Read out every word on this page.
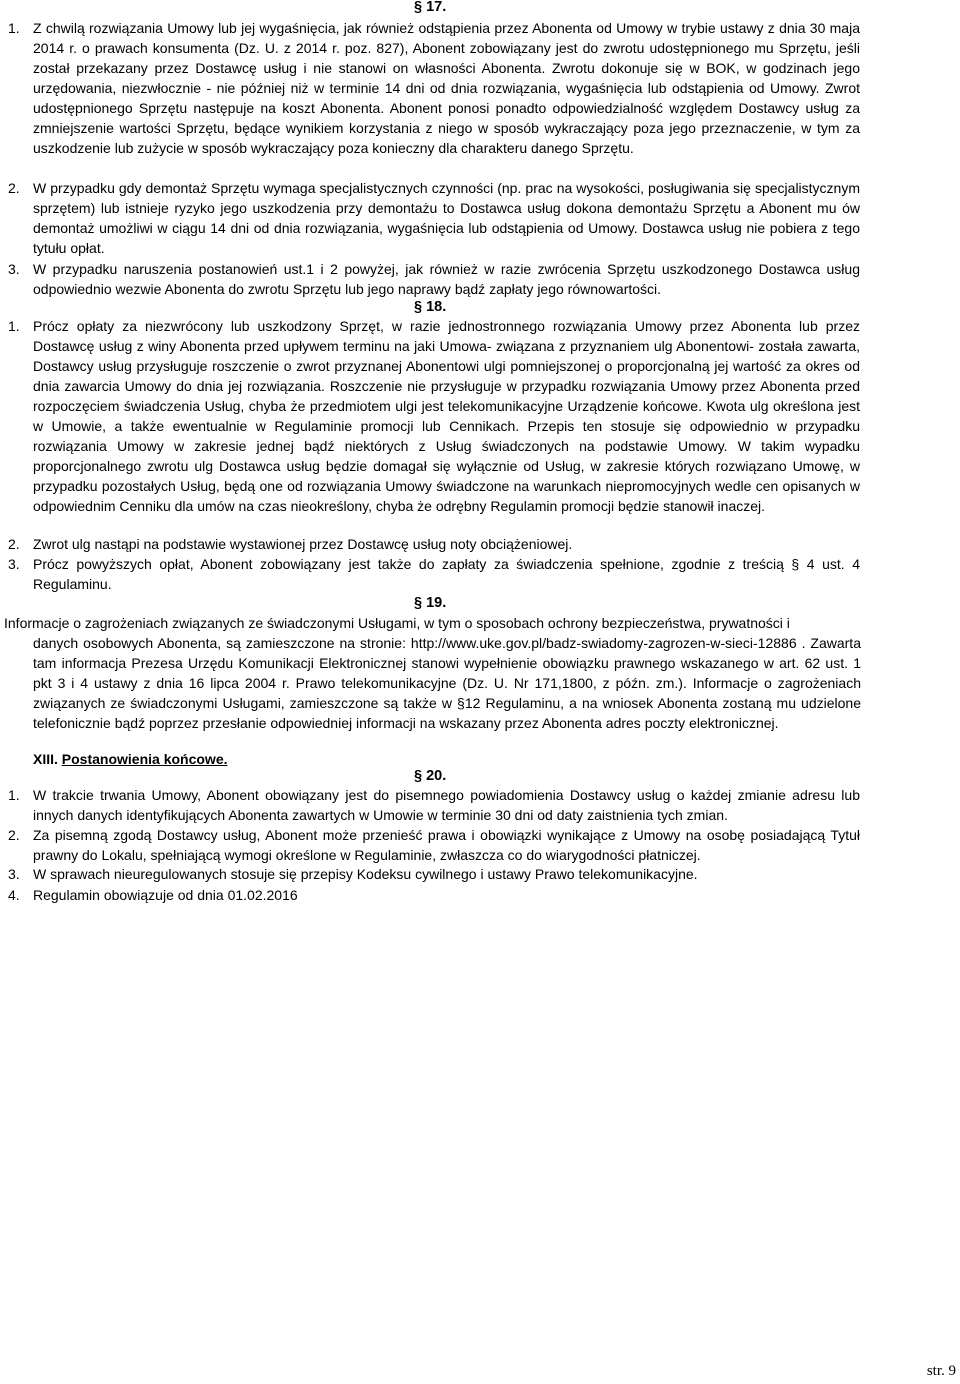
§ 17.
1. Z chwilą rozwiązania Umowy lub jej wygaśnięcia, jak również odstąpienia przez Abonenta od Umowy w trybie ustawy z dnia 30 maja 2014 r. o prawach konsumenta (Dz. U. z 2014 r. poz. 827), Abonent zobowiązany jest do zwrotu udostępnionego mu Sprzętu, jeśli został przekazany przez Dostawcę usług i nie stanowi on własności Abonenta. Zwrotu dokonuje się w BOK, w godzinach jego urzędowania, niezwłocznie - nie później niż w terminie 14 dni od dnia rozwiązania, wygaśnięcia lub odstąpienia od Umowy. Zwrot udostępnionego Sprzętu następuje na koszt Abonenta. Abonent ponosi ponadto odpowiedzialność względem Dostawcy usług za zmniejszenie wartości Sprzętu, będące wynikiem korzystania z niego w sposób wykraczający poza jego przeznaczenie, w tym za uszkodzenie lub zużycie w sposób wykraczający poza konieczny dla charakteru danego Sprzętu.
2. W przypadku gdy demontaż Sprzętu wymaga specjalistycznych czynności (np. prac na wysokości, posługiwania się specjalistycznym sprzętem) lub istnieje ryzyko jego uszkodzenia przy demontażu to Dostawca usług dokona demontażu Sprzętu a Abonent mu ów demontaż umożliwi w ciągu 14 dni od dnia rozwiązania, wygaśnięcia lub odstąpienia od Umowy. Dostawca usług nie pobiera z tego tytułu opłat.
3. W przypadku naruszenia postanowień ust.1 i 2 powyżej, jak również w razie zwrócenia Sprzętu uszkodzonego Dostawca usług odpowiednio wezwie Abonenta do zwrotu Sprzętu lub jego naprawy bądź zapłaty jego równowartości.
§ 18.
1. Prócz opłaty za niezwrócony lub uszkodzony Sprzęt, w razie jednostronnego rozwiązania Umowy przez Abonenta lub przez Dostawcę usług z winy Abonenta przed upływem terminu na jaki Umowa- związana z przyznaniem ulg Abonentowi- została zawarta, Dostawcy usług przysługuje roszczenie o zwrot przyznanej Abonentowi ulgi pomniejszonej o proporcjonalną jej wartość za okres od dnia zawarcia Umowy do dnia jej rozwiązania. Roszczenie nie przysługuje w przypadku rozwiązania Umowy przez Abonenta przed rozpoczęciem świadczenia Usług, chyba że przedmiotem ulgi jest telekomunikacyjne Urządzenie końcowe. Kwota ulg określona jest w Umowie, a także ewentualnie w Regulaminie promocji lub Cennikach. Przepis ten stosuje się odpowiednio w przypadku rozwiązania Umowy w zakresie jednej bądź niektórych z Usług świadczonych na podstawie Umowy. W takim wypadku proporcjonalnego zwrotu ulg Dostawca usług będzie domagał się wyłącznie od Usług, w zakresie których rozwiązano Umowę, w przypadku pozostałych Usług, będą one od rozwiązania Umowy świadczone na warunkach niepromocyjnych wedle cen opisanych w odpowiednim Cenniku dla umów na czas nieokreślony, chyba że odrębny Regulamin promocji będzie stanowił inaczej.
2. Zwrot ulg nastąpi na podstawie wystawionej przez Dostawcę usług noty obciążeniowej.
3. Prócz powyższych opłat, Abonent zobowiązany jest także do zapłaty za świadczenia spełnione, zgodnie z treścią § 4 ust. 4 Regulaminu.
§ 19.
Informacje o zagrożeniach związanych ze świadczonymi Usługami, w tym o sposobach ochrony bezpieczeństwa, prywatności i
danych osobowych Abonenta, są zamieszczone na stronie: http://www.uke.gov.pl/badz-swiadomy-zagrozen-w-sieci-12886 . Zawarta tam informacja Prezesa Urzędu Komunikacji Elektronicznej stanowi wypełnienie obowiązku prawnego wskazanego w art. 62 ust. 1 pkt 3 i 4 ustawy z dnia 16 lipca 2004 r. Prawo telekomunikacyjne (Dz. U. Nr 171,1800, z późn. zm.). Informacje o zagrożeniach związanych ze świadczonymi Usługami, zamieszczone są także w §12 Regulaminu, a na wniosek Abonenta zostaną mu udzielone telefonicznie bądź poprzez przesłanie odpowiedniej informacji na wskazany przez Abonenta adres poczty elektronicznej.
XIII. Postanowienia końcowe.
§ 20.
1. W trakcie trwania Umowy, Abonent obowiązany jest do pisemnego powiadomienia Dostawcy usług o każdej zmianie adresu lub innych danych identyfikujących Abonenta zawartych w Umowie w terminie 30 dni od daty zaistnienia tych zmian.
2. Za pisemną zgodą Dostawcy usług, Abonent może przenieść prawa i obowiązki wynikające z Umowy na osobę posiadającą Tytuł prawny do Lokalu, spełniającą wymogi określone w Regulaminie, zwłaszcza co do wiarygodności płatniczej.
3. W sprawach nieuregulowanych stosuje się przepisy Kodeksu cywilnego i ustawy Prawo telekomunikacyjne.
4. Regulamin obowiązuje od dnia 01.02.2016
str. 9
